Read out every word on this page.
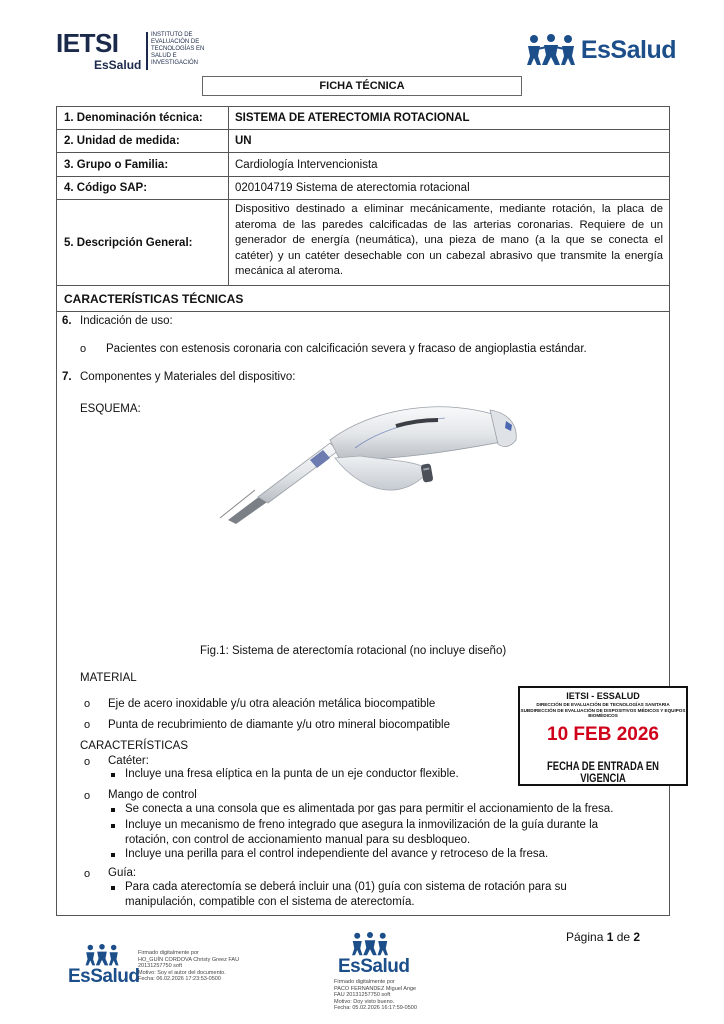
IETSI
EsSalud
INSTITUTO DE
EVALUACIÓN DE
TECNOLOGÍAS EN
SALUD E
INVESTIGACIÓN	EsSalud
FICHA TÉCNICA
1. Denominación técnica:	SISTEMA DE ATERECTOMIA ROTACIONAL
2. Unidad de medida:	UN
3. Grupo o Familia:	Cardiología Intervencionista
4. Código SAP:	020104719 Sistema de aterectomia rotacional
5. Descripción General:
Dispositivo destinado a eliminar mecánicamente, mediante rotación, la placa de ateroma de las paredes calcificadas de las arterias coronarias. Requiere de un generador de energía (neumática), una pieza de mano (a la que se conecta el catéter) y un catéter desechable con un cabezal abrasivo que transmite la energía mecánica al ateroma.
CARACTERÍSTICAS TÉCNICAS
6. Indicación de uso:
o Pacientes con estenosis coronaria con calcificación severa y fracaso de angioplastia estándar.
7. Componentes y Materiales del dispositivo:
ESQUEMA:
Fig.1: Sistema de aterectomía rotacional (no incluye diseño)
MATERIAL
o Eje de acero inoxidable y/u otra aleación metálica biocompatible
o Punta de recubrimiento de diamante y/u otro mineral biocompatible
CARACTERÍSTICAS
o Catéter:
Incluye una fresa elíptica en la punta de un eje conductor flexible.
o Mango de control
Se conecta a una consola que es alimentada por gas para permitir el accionamiento de la fresa.
Incluye un mecanismo de freno integrado que asegura la inmovilización de la guía durante la
rotación, con control de accionamiento manual para su desbloqueo.
Incluye una perilla para el control independiente del avance y retroceso de la fresa.
o Guía:
Para cada aterectomía se deberá incluir una (01) guía con sistema de rotación para su
manipulación, compatible con el sistema de aterectomía.
IETSI - ESSALUD
DIRECCIÓN DE EVALUACIÓN DE TECNOLOGÍAS SANITARIA
SUBDIRECCIÓN DE EVALUACIÓN DE DISPOSITIVOS MÉDICOS Y EQUIPOS BIOMÉDICOS
10 FEB 2026
FECHA DE ENTRADA EN VIGENCIA
Página 1 de 2
EsSalud
Firmado digitalmente por
HO_GUÍN CORDOVA Christy Greez FAU
20131257750 soft
Motivo: Soy el autor del documento.
Fecha: 06.02.2026 17:23:53-0500
EsSalud
Firmado digitalmente por
PACO FERNANDEZ Miguel Ange
FAU 20131257750 soft
Motivo: Doy visto bueno.
Fecha: 05.02.2026 16:17:59-0500
